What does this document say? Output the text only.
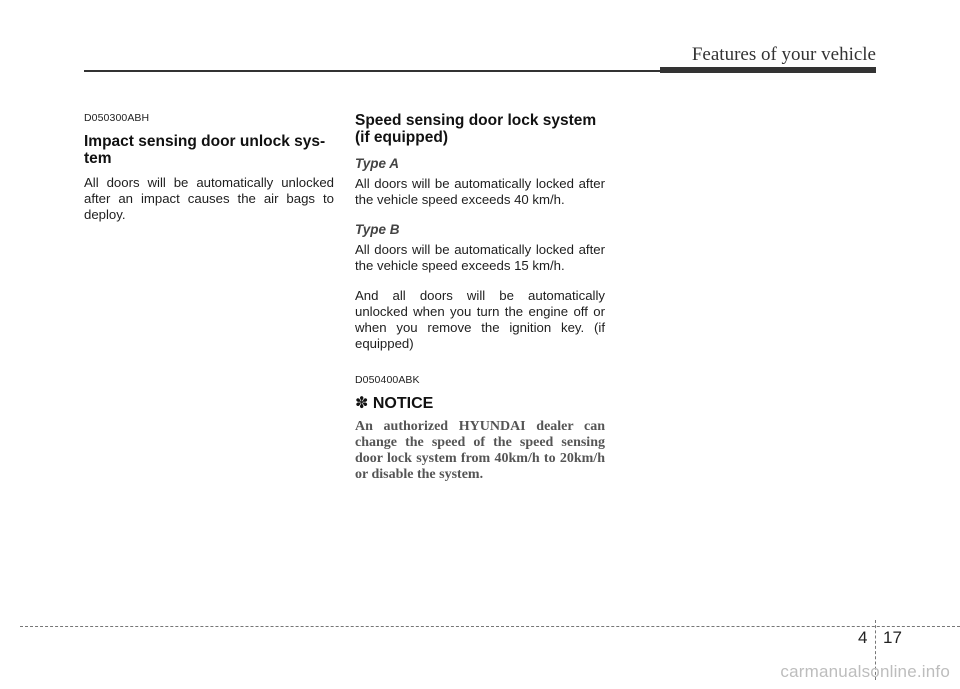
Features of your vehicle

D050300ABH

Impact sensing door unlock sys-
tem

All doors will be automatically unlocked after an impact causes the air bags to deploy.

Speed sensing door lock system (if equipped)

Type A

All doors will be automatically locked after the vehicle speed exceeds 40 km/h.

Type B

All doors will be automatically locked after the vehicle speed exceeds 15 km/h.

And all doors will be automatically unlocked when you turn the engine off or when you remove the ignition key. (if equipped)

D050400ABK

✽ NOTICE

An authorized HYUNDAI dealer can change the speed of the speed sensing door lock system from 40km/h to 20km/h or disable the system.

4 17
carmanualsonline.info
